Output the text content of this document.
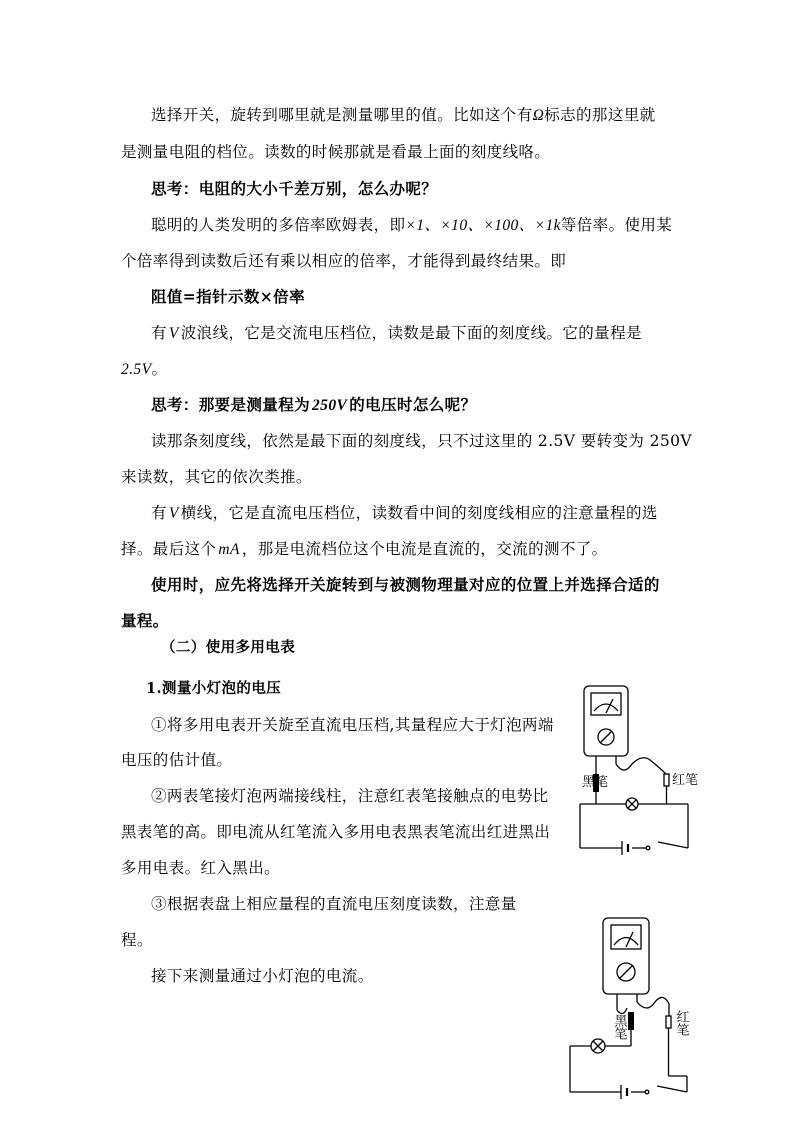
选择开关，旋转到哪里就是测量哪里的值。比如这个有Ω标志的那这里就
是测量电阻的档位。读数的时候那就是看最上面的刻度线咯。
思考：电阻的大小千差万别，怎么办呢？
聪明的人类发明的多倍率欧姆表，即×1、×10、×100、×1k等倍率。使用某
个倍率得到读数后还有乘以相应的倍率，才能得到最终结果。即
阻值=指针示数×倍率
有 V 波浪线，它是交流电压档位，读数是最下面的刻度线。它的量程是
2.5V。
思考：那要是测量程为 250V 的电压时怎么呢？
读那条刻度线，依然是最下面的刻度线，只不过这里的 2.5V 要转变为 250V
来读数，其它的依次类推。
有 V 横线，它是直流电压档位，读数看中间的刻度线相应的注意量程的选
择。最后这个 mA ，那是电流档位这个电流是直流的，交流的测不了。
使用时，应先将选择开关旋转到与被测物理量对应的位置上并选择合适的
量程。
（二）使用多用电表
1.测量小灯泡的电压
①将多用电表开关旋至直流电压档,其量程应大于灯泡两端
电压的估计值。
②两表笔接灯泡两端接线柱，注意红表笔接触点的电势比
黑表笔的高。即电流从红笔流入多用电表黑表笔流出红进黑出
多用电表。红入黑出。
③根据表盘上相应量程的直流电压刻度读数，注意量
程。
接下来测量通过小灯泡的电流。
黑笔	红笔
黑笔	红笔
